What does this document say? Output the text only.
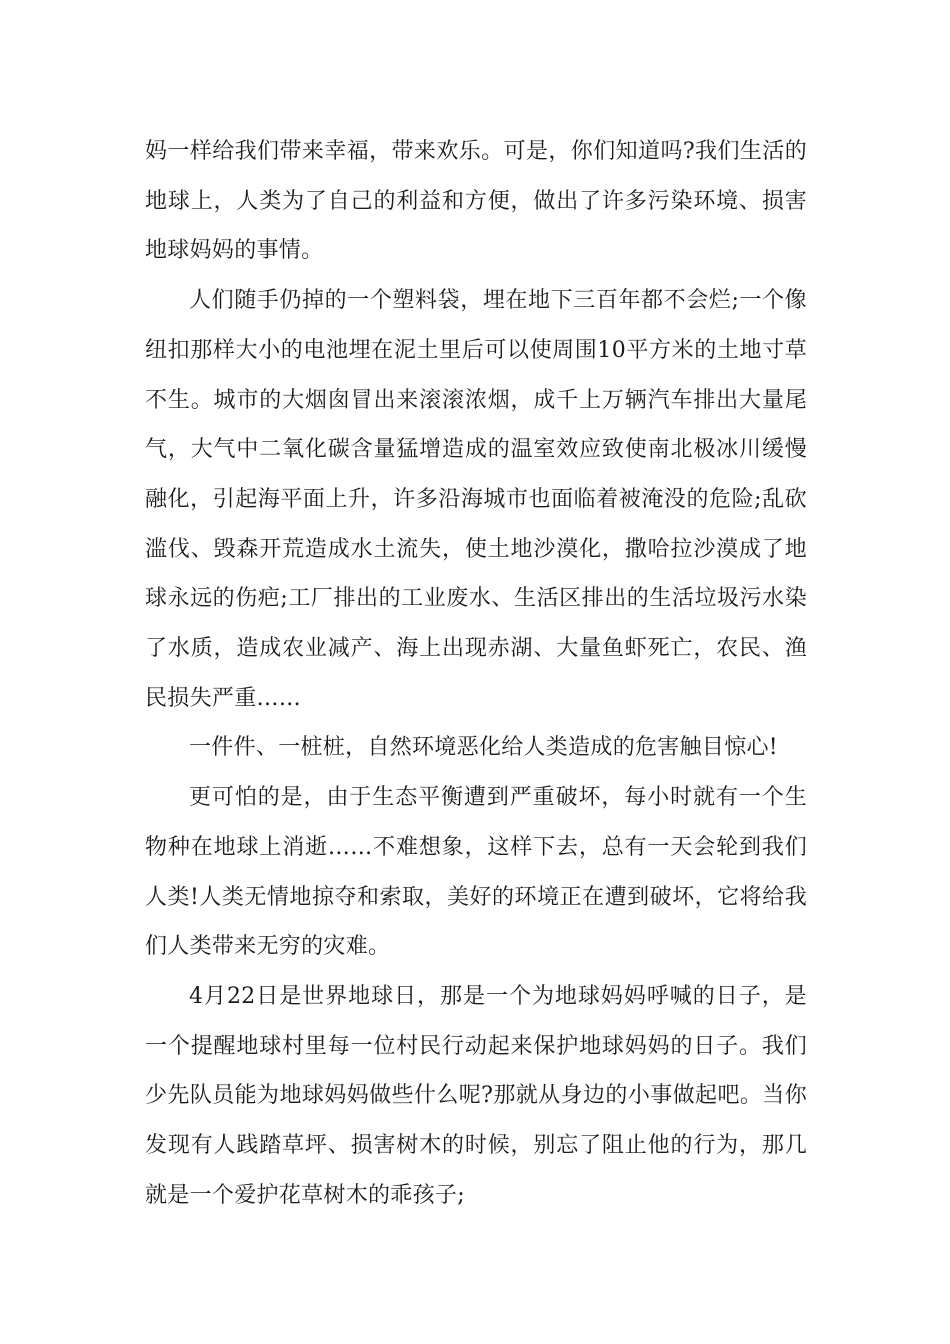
妈一样给我们带来幸福，带来欢乐。可是，你们知道吗?我们生活的地球上，人类为了自己的利益和方便，做出了许多污染环境、损害地球妈妈的事情。

人们随手仍掉的一个塑料袋，埋在地下三百年都不会烂;一个像纽扣那样大小的电池埋在泥土里后可以使周围10平方米的土地寸草不生。城市的大烟囱冒出来滚滚浓烟，成千上万辆汽车排出大量尾气，大气中二氧化碳含量猛增造成的温室效应致使南北极冰川缓慢融化，引起海平面上升，许多沿海城市也面临着被淹没的危险;乱砍滥伐、毁森开荒造成水土流失，使土地沙漠化，撒哈拉沙漠成了地球永远的伤疤;工厂排出的工业废水、生活区排出的生活垃圾污水染了水质，造成农业减产、海上出现赤湖、大量鱼虾死亡，农民、渔民损失严重……

一件件、一桩桩，自然环境恶化给人类造成的危害触目惊心!

更可怕的是，由于生态平衡遭到严重破坏，每小时就有一个生物种在地球上消逝……不难想象，这样下去，总有一天会轮到我们人类!人类无情地掠夺和索取，美好的环境正在遭到破坏，它将给我们人类带来无穷的灾难。

4月22日是世界地球日，那是一个为地球妈妈呼喊的日子，是一个提醒地球村里每一位村民行动起来保护地球妈妈的日子。我们少先队员能为地球妈妈做些什么呢?那就从身边的小事做起吧。当你发现有人践踏草坪、损害树木的时候，别忘了阻止他的行为，那几就是一个爱护花草树木的乖孩子;
